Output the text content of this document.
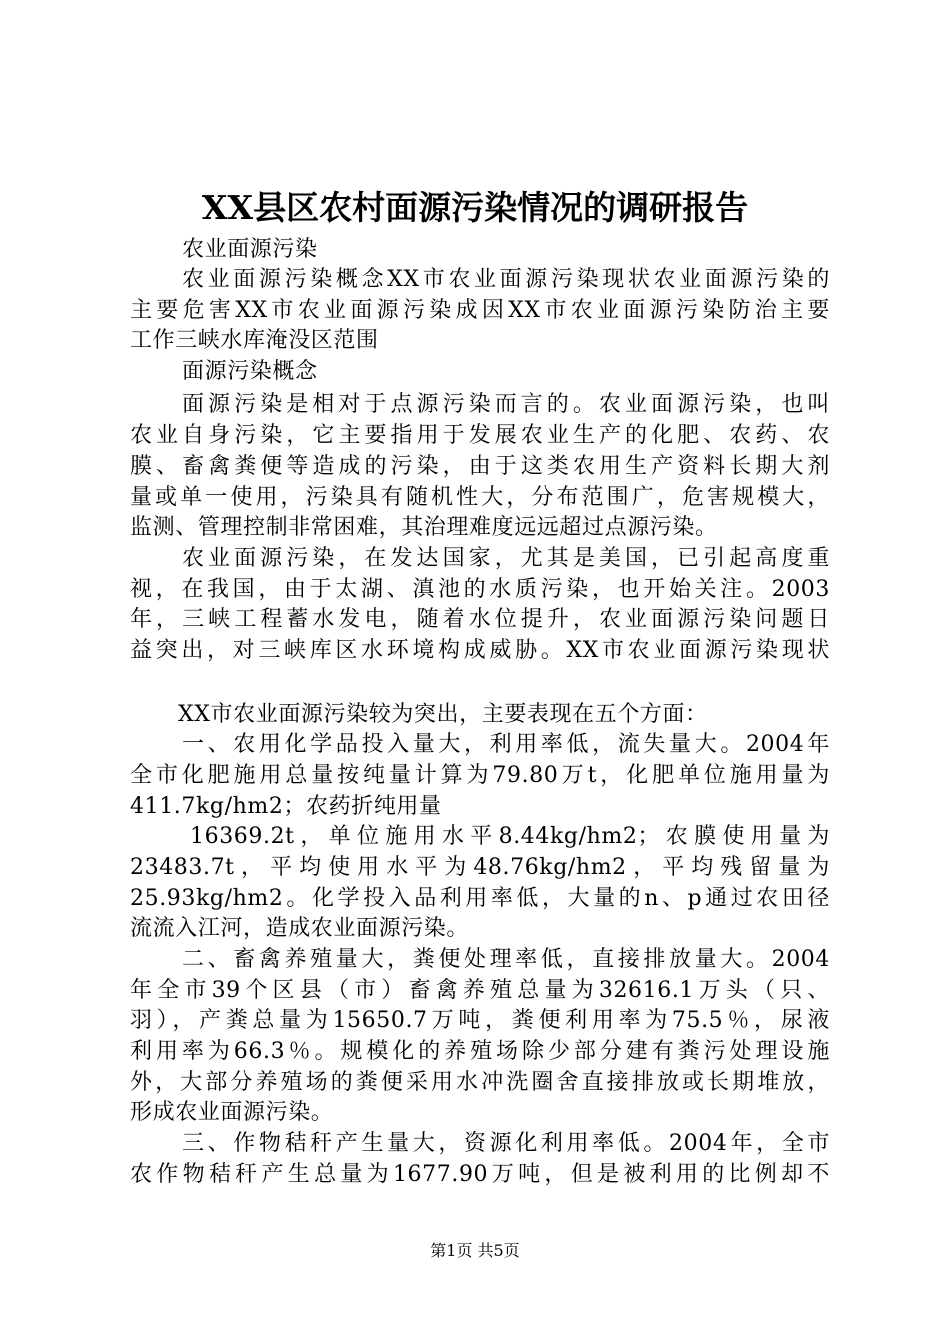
XX县区农村面源污染情况的调研报告
农业面源污染
农业面源污染概念XX市农业面源污染现状农业面源污染的
主要危害XX市农业面源污染成因XX市农业面源污染防治主要
工作三峡水库淹没区范围
面源污染概念
面源污染是相对于点源污染而言的。农业面源污染，也叫
农业自身污染，它主要指用于发展农业生产的化肥、农药、农
膜、畜禽粪便等造成的污染，由于这类农用生产资料长期大剂
量或单一使用，污染具有随机性大，分布范围广，危害规模大，
监测、管理控制非常困难，其治理难度远远超过点源污染。
农业面源污染，在发达国家，尤其是美国，已引起高度重
视，在我国，由于太湖、滇池的水质污染，也开始关注。2003
年，三峡工程蓄水发电，随着水位提升，农业面源污染问题日
益突出，对三峡库区水环境构成威胁。XX市农业面源污染现状
XX市农业面源污染较为突出，主要表现在五个方面：
一、农用化学品投入量大，利用率低，流失量大。2004年
全市化肥施用总量按纯量计算为79.80万t，化肥单位施用量为
411.7kg/hm2；农药折纯用量
16369.2t，单位施用水平8.44kg/hm2；农膜使用量为
23483.7t，平均使用水平为48.76kg/hm2，平均残留量为
25.93kg/hm2。化学投入品利用率低，大量的n、p通过农田径
流流入江河，造成农业面源污染。
二、畜禽养殖量大，粪便处理率低，直接排放量大。2004
年全市39个区县（市）畜禽养殖总量为32616.1万头（只、
羽），产粪总量为15650.7万吨，粪便利用率为75.5％，尿液
利用率为66.3％。规模化的养殖场除少部分建有粪污处理设施
外，大部分养殖场的粪便采用水冲洗圈舍直接排放或长期堆放，
形成农业面源污染。
三、作物秸秆产生量大，资源化利用率低。2004年，全市
农作物秸秆产生总量为1677.90万吨，但是被利用的比例却不
第1页 共5页
